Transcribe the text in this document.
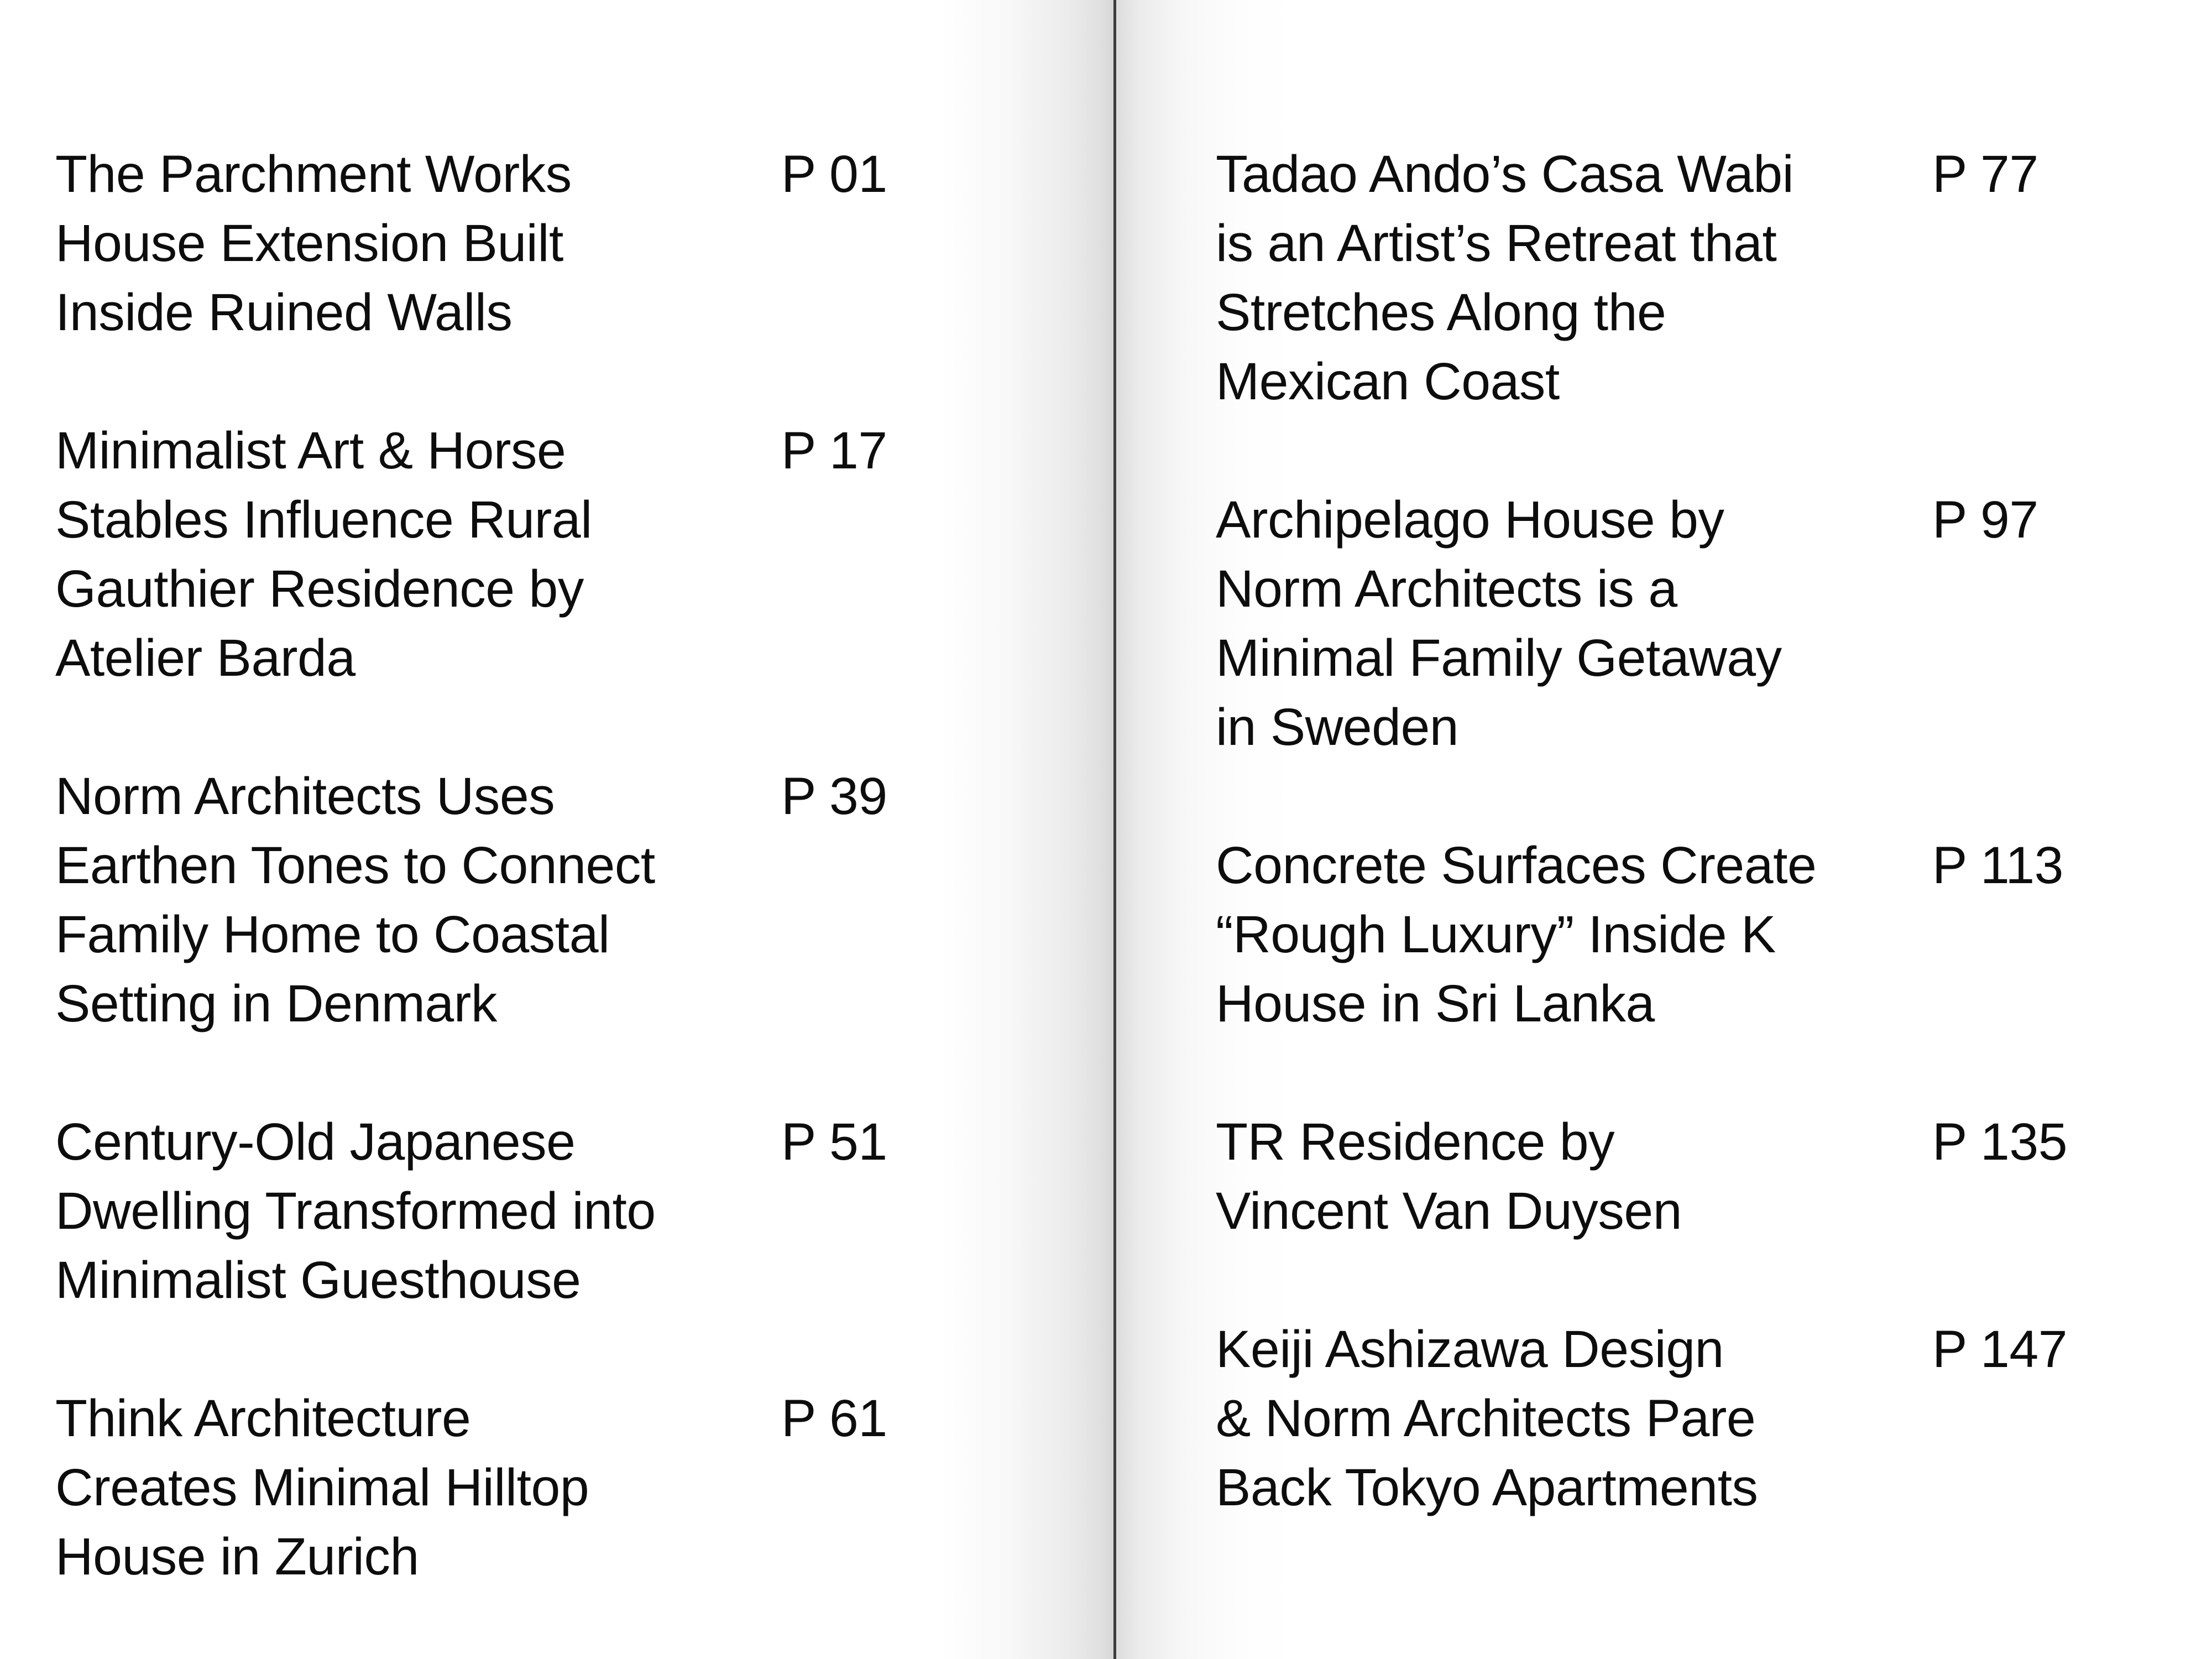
The Parchment Works
House Extension Built
Inside Ruined Walls
P 01
Minimalist Art & Horse
Stables Influence Rural
Gauthier Residence by
Atelier Barda
P 17
Norm Architects Uses
Earthen Tones to Connect
Family Home to Coastal
Setting in Denmark
P 39
Century-Old Japanese
Dwelling Transformed into
Minimalist Guesthouse
P 51
Think Architecture
Creates Minimal Hilltop
House in Zurich
P 61
Tadao Ando’s Casa Wabi
is an Artist’s Retreat that
Stretches Along the
Mexican Coast
P 77
Archipelago House by
Norm Architects is a
Minimal Family Getaway
in Sweden
P 97
Concrete Surfaces Create
“Rough Luxury” Inside K
House in Sri Lanka
P 113
TR Residence by
Vincent Van Duysen
P 135
Keiji Ashizawa Design
& Norm Architects Pare
Back Tokyo Apartments
P 147
